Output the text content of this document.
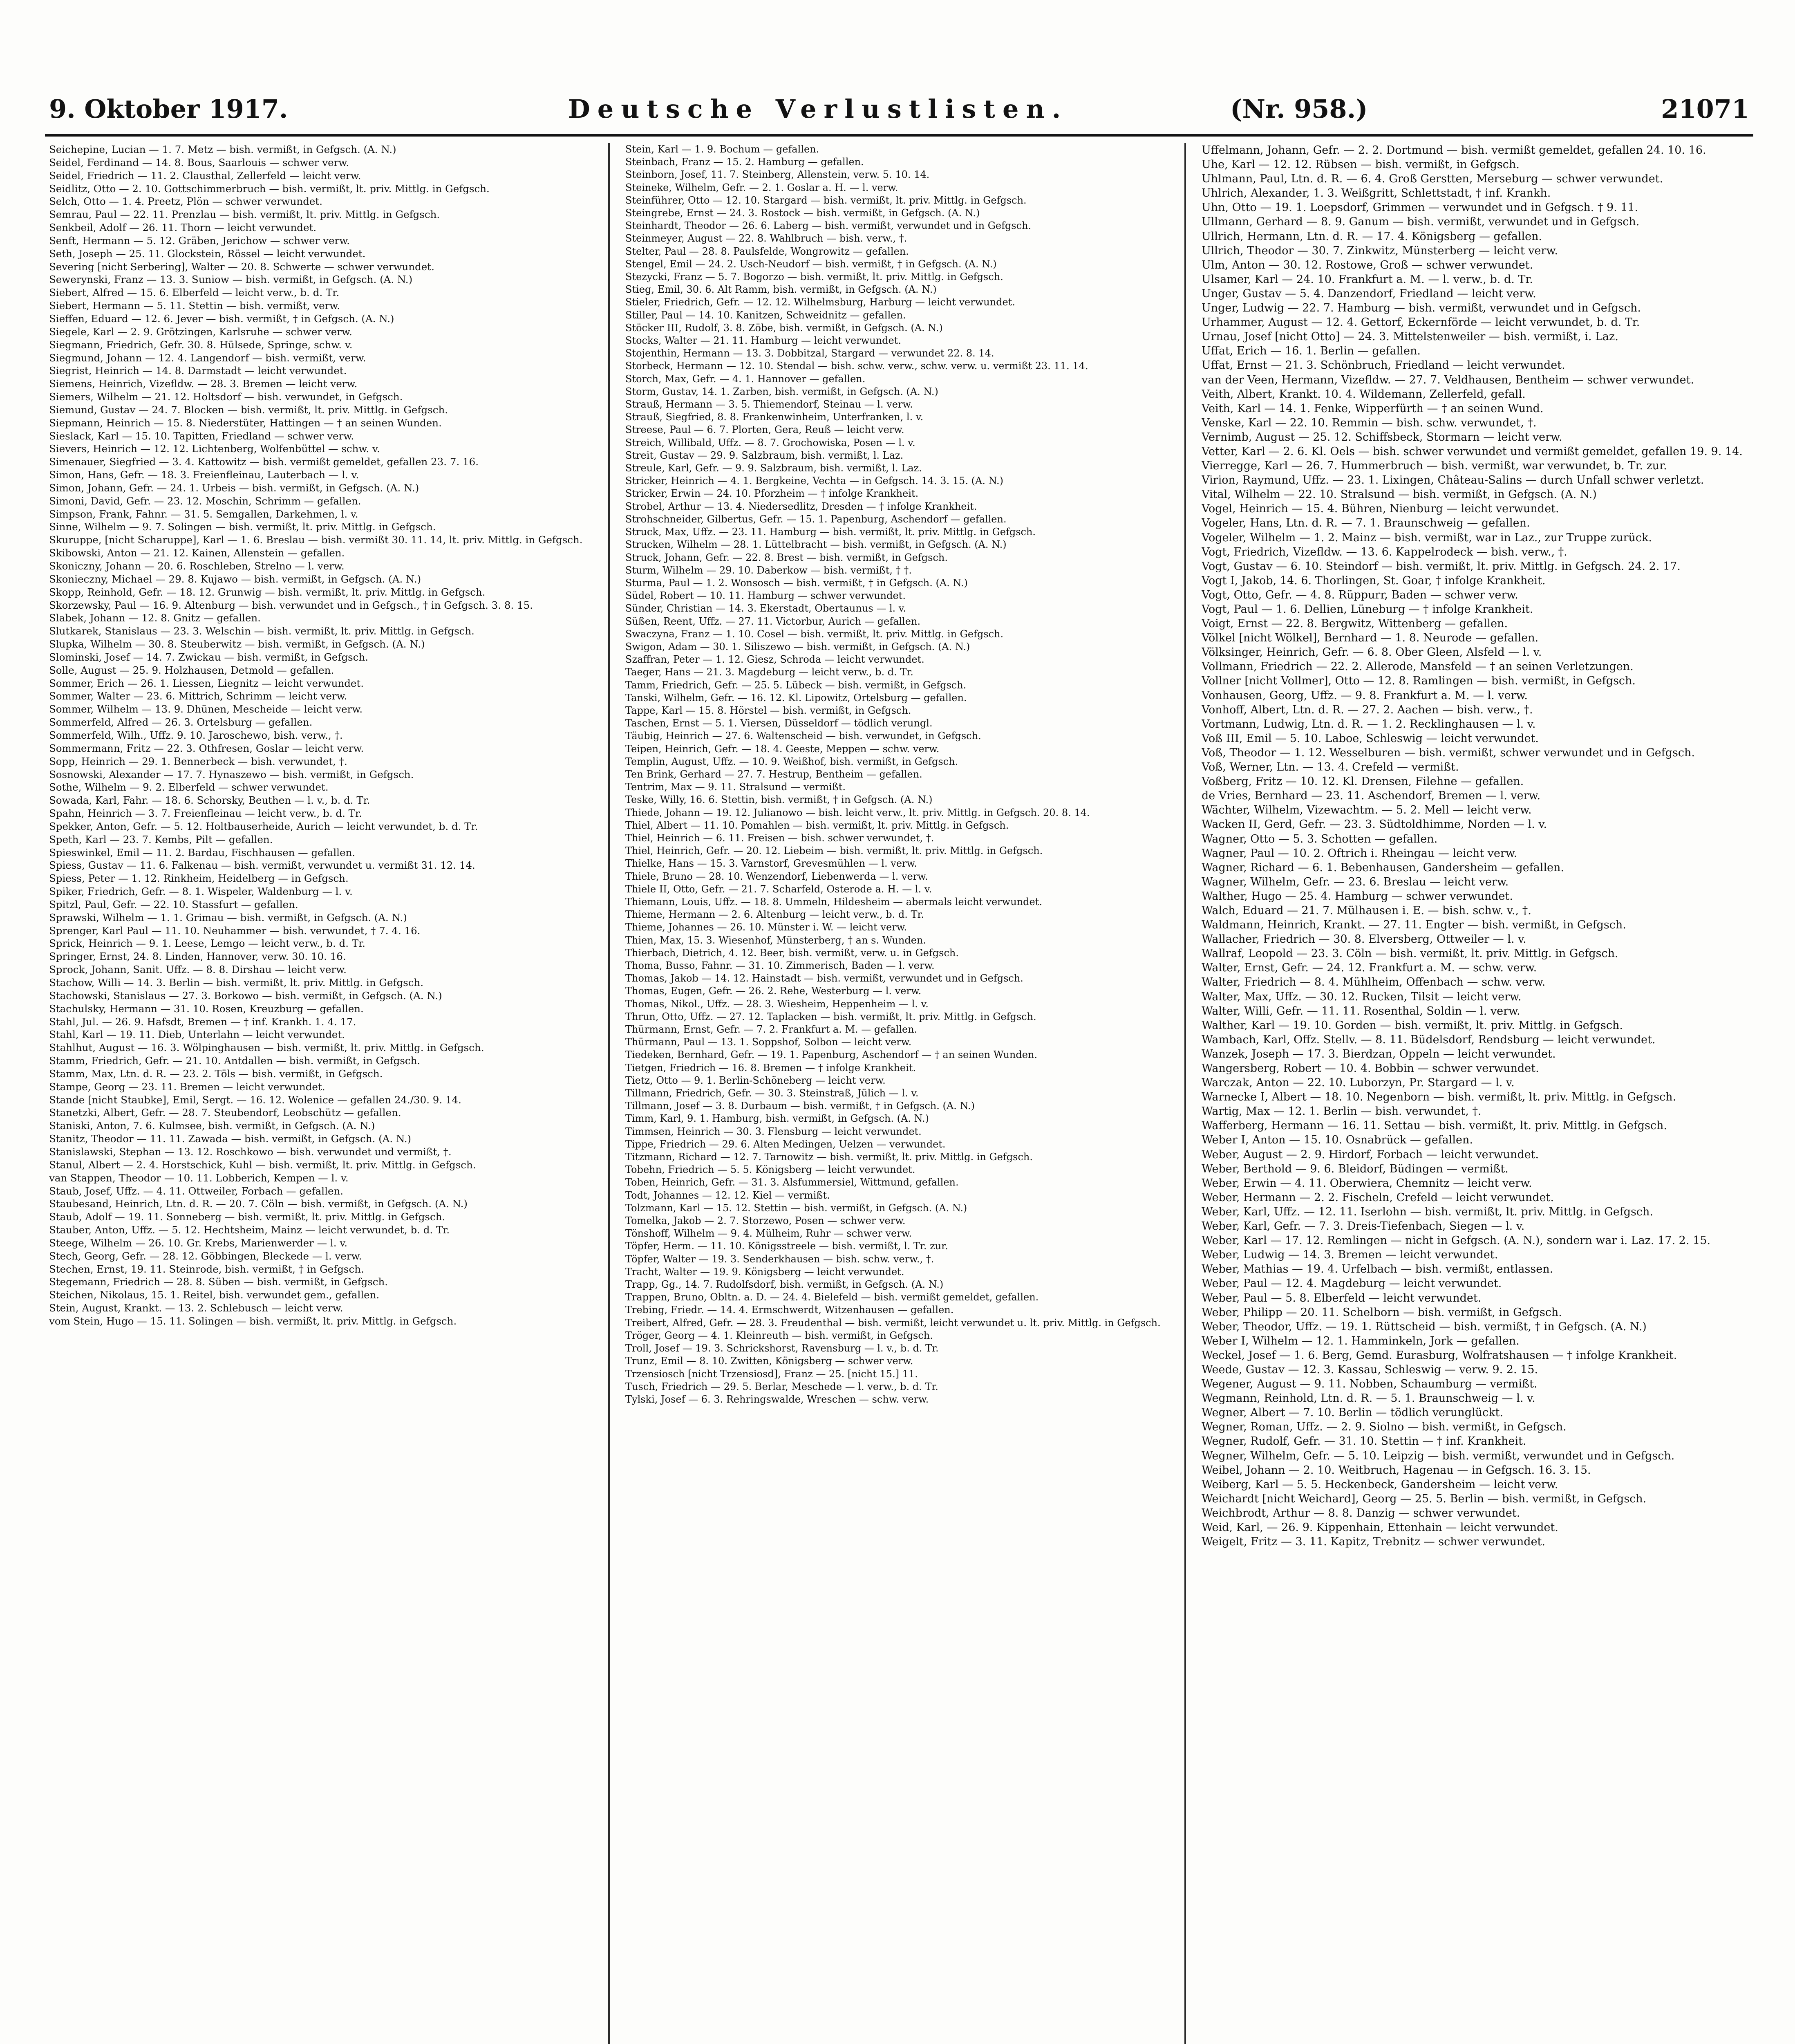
9. Oktober 1917.	Deutsche Verlustlisten.	(Nr. 958.)	21071

Seichepine, Lucian — 1. 7. Metz — bish. vermißt, in Gefgsch. (A. N.)

Seidel, Ferdinand — 14. 8. Bous, Saarlouis — schwer verw.

Seidel, Friedrich — 11. 2. Clausthal, Zellerfeld — leicht verw.

Seidlitz, Otto — 2. 10. Gottschimmerbruch — bish. vermißt, lt. priv. Mittlg. in Gefgsch.

Selch, Otto — 1. 4. Preetz, Plön — schwer verwundet.

Semrau, Paul — 22. 11. Prenzlau — bish. vermißt, lt. priv. Mittlg. in Gefgsch.

Senkbeil, Adolf — 26. 11. Thorn — leicht verwundet.

Senft, Hermann — 5. 12. Gräben, Jerichow — schwer verw.

Seth, Joseph — 25. 11. Glockstein, Rössel — leicht verwundet.

Severing [nicht Serbering], Walter — 20. 8. Schwerte — schwer verwundet.

Sewerynski, Franz — 13. 3. Suniow — bish. vermißt, in Gefgsch. (A. N.)

Siebert, Alfred — 15. 6. Elberfeld — leicht verw., b. d. Tr.

Siebert, Hermann — 5. 11. Stettin — bish. vermißt, verw.

Sieffen, Eduard — 12. 6. Jever — bish. vermißt, † in Gefgsch. (A. N.)

Siegele, Karl — 2. 9. Grötzingen, Karlsruhe — schwer verw.

Siegmann, Friedrich, Gefr. 30. 8. Hülsede, Springe, schw. v.

Siegmund, Johann — 12. 4. Langendorf — bish. vermißt, verw.

Siegrist, Heinrich — 14. 8. Darmstadt — leicht verwundet.

Siemens, Heinrich, Vizefldw. — 28. 3. Bremen — leicht verw.

Siemers, Wilhelm — 21. 12. Holtsdorf — bish. verwundet, in Gefgsch.

Siemund, Gustav — 24. 7. Blocken — bish. vermißt, lt. priv. Mittlg. in Gefgsch.

Siepmann, Heinrich — 15. 8. Niederstüter, Hattingen — † an seinen Wunden.

Sieslack, Karl — 15. 10. Tapitten, Friedland — schwer verw.

Sievers, Heinrich — 12. 12. Lichtenberg, Wolfenbüttel — schw. v.

Simenauer, Siegfried — 3. 4. Kattowitz — bish. vermißt gemeldet, gefallen 23. 7. 16.

Simon, Hans, Gefr. — 18. 3. Freienfleinau, Lauterbach — l. v.

Simon, Johann, Gefr. — 24. 1. Urbeis — bish. vermißt, in Gefgsch. (A. N.)

Simoni, David, Gefr. — 23. 12. Moschin, Schrimm — gefallen.

Simpson, Frank, Fahnr. — 31. 5. Semgallen, Darkehmen, l. v.

Sinne, Wilhelm — 9. 7. Solingen — bish. vermißt, lt. priv. Mittlg. in Gefgsch.

Skuruppe, [nicht Scharuppe], Karl — 1. 6. Breslau — bish. vermißt 30. 11. 14, lt. priv. Mittlg. in Gefgsch.

Skibowski, Anton — 21. 12. Kainen, Allenstein — gefallen.

Skoniczny, Johann — 20. 6. Roschleben, Strelno — l. verw.

Skonieczny, Michael — 29. 8. Kujawo — bish. vermißt, in Gefgsch. (A. N.)

Skopp, Reinhold, Gefr. — 18. 12. Grunwig — bish. vermißt, lt. priv. Mittlg. in Gefgsch.

Skorzewsky, Paul — 16. 9. Altenburg — bish. verwundet und in Gefgsch., † in Gefgsch. 3. 8. 15.

Slabek, Johann — 12. 8. Gnitz — gefallen.

Slutkarek, Stanislaus — 23. 3. Welschin — bish. vermißt, lt. priv. Mittlg. in Gefgsch.

Slupka, Wilhelm — 30. 8. Steuberwitz — bish. vermißt, in Gefgsch. (A. N.)

Slominski, Josef — 14. 7. Zwickau — bish. vermißt, in Gefgsch.

Solle, August — 25. 9. Holzhausen, Detmold — gefallen.

Sommer, Erich — 26. 1. Liessen, Liegnitz — leicht verwundet.

Sommer, Walter — 23. 6. Mittrich, Schrimm — leicht verw.

Sommer, Wilhelm — 13. 9. Dhünen, Mescheide — leicht verw.

Sommerfeld, Alfred — 26. 3. Ortelsburg — gefallen.

Sommerfeld, Wilh., Uffz. 9. 10. Jaroschewo, bish. verw., †.

Sommermann, Fritz — 22. 3. Othfresen, Goslar — leicht verw.

Sopp, Heinrich — 29. 1. Bennerbeck — bish. verwundet, †.

Sosnowski, Alexander — 17. 7. Hynaszewo — bish. vermißt, in Gefgsch.

Sothe, Wilhelm — 9. 2. Elberfeld — schwer verwundet.

Sowada, Karl, Fahr. — 18. 6. Schorsky, Beuthen — l. v., b. d. Tr.

Spahn, Heinrich — 3. 7. Freienfleinau — leicht verw., b. d. Tr.

Spekker, Anton, Gefr. — 5. 12. Holtbauserheide, Aurich — leicht verwundet, b. d. Tr.

Speth, Karl — 23. 7. Kembs, Pilt — gefallen.

Spieswinkel, Emil — 11. 2. Bardau, Fischhausen — gefallen.

Spiess, Gustav — 11. 6. Falkenau — bish. vermißt, verwundet u. vermißt 31. 12. 14.

Spiess, Peter — 1. 12. Rinkheim, Heidelberg — in Gefgsch.

Spiker, Friedrich, Gefr. — 8. 1. Wispeler, Waldenburg — l. v.

Spitzl, Paul, Gefr. — 22. 10. Stassfurt — gefallen.

Sprawski, Wilhelm — 1. 1. Grimau — bish. vermißt, in Gefgsch. (A. N.)

Sprenger, Karl Paul — 11. 10. Neuhammer — bish. verwundet, † 7. 4. 16.

Sprick, Heinrich — 9. 1. Leese, Lemgo — leicht verw., b. d. Tr.

Springer, Ernst, 24. 8. Linden, Hannover, verw. 30. 10. 16.

Sprock, Johann, Sanit. Uffz. — 8. 8. Dirshau — leicht verw.

Stachow, Willi — 14. 3. Berlin — bish. vermißt, lt. priv. Mittlg. in Gefgsch.

Stachowski, Stanislaus — 27. 3. Borkowo — bish. vermißt, in Gefgsch. (A. N.)

Stachulsky, Hermann — 31. 10. Rosen, Kreuzburg — gefallen.

Stahl, Jul. — 26. 9. Hafsdt, Bremen — † inf. Krankh. 1. 4. 17.

Stahl, Karl — 19. 11. Dieb, Unterlahn — leicht verwundet.

Stahlhut, August — 16. 3. Wölpinghausen — bish. vermißt, lt. priv. Mittlg. in Gefgsch.

Stamm, Friedrich, Gefr. — 21. 10. Antdallen — bish. vermißt, in Gefgsch.

Stamm, Max, Ltn. d. R. — 23. 2. Töls — bish. vermißt, in Gefgsch.

Stampe, Georg — 23. 11. Bremen — leicht verwundet.

Stande [nicht Staubke], Emil, Sergt. — 16. 12. Wolenice — gefallen 24./30. 9. 14.

Stanetzki, Albert, Gefr. — 28. 7. Steubendorf, Leobschütz — gefallen.

Staniski, Anton, 7. 6. Kulmsee, bish. vermißt, in Gefgsch. (A. N.)

Stanitz, Theodor — 11. 11. Zawada — bish. vermißt, in Gefgsch. (A. N.)

Stanislawski, Stephan — 13. 12. Roschkowo — bish. verwundet und vermißt, †.

Stanul, Albert — 2. 4. Horstschick, Kuhl — bish. vermißt, lt. priv. Mittlg. in Gefgsch.

van Stappen, Theodor — 10. 11. Lobberich, Kempen — l. v.

Staub, Josef, Uffz. — 4. 11. Ottweiler, Forbach — gefallen.

Staubesand, Heinrich, Ltn. d. R. — 20. 7. Cöln — bish. vermißt, in Gefgsch. (A. N.)

Staub, Adolf — 19. 11. Sonneberg — bish. vermißt, lt. priv. Mittlg. in Gefgsch.

Stauber, Anton, Uffz. — 5. 12. Hechtsheim, Mainz — leicht verwundet, b. d. Tr.

Steege, Wilhelm — 26. 10. Gr. Krebs, Marienwerder — l. v.

Stech, Georg, Gefr. — 28. 12. Göbbingen, Bleckede — l. verw.

Stechen, Ernst, 19. 11. Steinrode, bish. vermißt, † in Gefgsch.

Stegemann, Friedrich — 28. 8. Süben — bish. vermißt, in Gefgsch.

Steichen, Nikolaus, 15. 1. Reitel, bish. verwundet gem., gefallen.

Stein, August, Krankt. — 13. 2. Schlebusch — leicht verw.

vom Stein, Hugo — 15. 11. Solingen — bish. vermißt, lt. priv. Mittlg. in Gefgsch.

Stein, Karl — 1. 9. Bochum — gefallen.

Steinbach, Franz — 15. 2. Hamburg — gefallen.

Steinborn, Josef, 11. 7. Steinberg, Allenstein, verw. 5. 10. 14.

Steineke, Wilhelm, Gefr. — 2. 1. Goslar a. H. — l. verw.

Steinführer, Otto — 12. 10. Stargard — bish. vermißt, lt. priv. Mittlg. in Gefgsch.

Steingrebe, Ernst — 24. 3. Rostock — bish. vermißt, in Gefgsch. (A. N.)

Steinhardt, Theodor — 26. 6. Laberg — bish. vermißt, verwundet und in Gefgsch.

Steinmeyer, August — 22. 8. Wahlbruch — bish. verw., †.

Stelter, Paul — 28. 8. Paulsfelde, Wongrowitz — gefallen.

Stengel, Emil — 24. 2. Usch-Neudorf — bish. vermißt, † in Gefgsch. (A. N.)

Stezycki, Franz — 5. 7. Bogorzo — bish. vermißt, lt. priv. Mittlg. in Gefgsch.

Stieg, Emil, 30. 6. Alt Ramm, bish. vermißt, in Gefgsch. (A. N.)

Stieler, Friedrich, Gefr. — 12. 12. Wilhelmsburg, Harburg — leicht verwundet.

Stiller, Paul — 14. 10. Kanitzen, Schweidnitz — gefallen.

Stöcker III, Rudolf, 3. 8. Zöbe, bish. vermißt, in Gefgsch. (A. N.)

Stocks, Walter — 21. 11. Hamburg — leicht verwundet.

Stojenthin, Hermann — 13. 3. Dobbitzal, Stargard — verwundet 22. 8. 14.

Storbeck, Hermann — 12. 10. Stendal — bish. schw. verw., schw. verw. u. vermißt 23. 11. 14.

Storch, Max, Gefr. — 4. 1. Hannover — gefallen.

Storm, Gustav, 14. 1. Zarben, bish. vermißt, in Gefgsch. (A. N.)

Strauß, Hermann — 3. 5. Thiemendorf, Steinau — l. verw.

Strauß, Siegfried, 8. 8. Frankenwinheim, Unterfranken, l. v.

Streese, Paul — 6. 7. Plorten, Gera, Reuß — leicht verw.

Streich, Willibald, Uffz. — 8. 7. Grochowiska, Posen — l. v.

Streit, Gustav — 29. 9. Salzbraum, bish. vermißt, l. Laz.

Streule, Karl, Gefr. — 9. 9. Salzbraum, bish. vermißt, l. Laz.

Stricker, Heinrich — 4. 1. Bergkeine, Vechta — in Gefgsch. 14. 3. 15. (A. N.)

Stricker, Erwin — 24. 10. Pforzheim — † infolge Krankheit.

Strobel, Arthur — 13. 4. Niedersedlitz, Dresden — † infolge Krankheit.

Strohschneider, Gilbertus, Gefr. — 15. 1. Papenburg, Aschendorf — gefallen.

Struck, Max, Uffz. — 23. 11. Hamburg — bish. vermißt, lt. priv. Mittlg. in Gefgsch.

Strucken, Wilhelm — 28. 1. Lüttelbracht — bish. vermißt, in Gefgsch. (A. N.)

Struck, Johann, Gefr. — 22. 8. Brest — bish. vermißt, in Gefgsch.

Sturm, Wilhelm — 29. 10. Daberkow — bish. vermißt, † †.

Sturma, Paul — 1. 2. Wonsosch — bish. vermißt, † in Gefgsch. (A. N.)

Südel, Robert — 10. 11. Hamburg — schwer verwundet.

Sünder, Christian — 14. 3. Ekerstadt, Obertaunus — l. v.

Süßen, Reent, Uffz. — 27. 11. Victorbur, Aurich — gefallen.

Swaczyna, Franz — 1. 10. Cosel — bish. vermißt, lt. priv. Mittlg. in Gefgsch.

Swigon, Adam — 30. 1. Siliszewo — bish. vermißt, in Gefgsch. (A. N.)

Szaffran, Peter — 1. 12. Giesz, Schroda — leicht verwundet.

Taeger, Hans — 21. 3. Magdeburg — leicht verw., b. d. Tr.

Tamm, Friedrich, Gefr. — 25. 5. Lübeck — bish. vermißt, in Gefgsch.

Tanski, Wilhelm, Gefr. — 16. 12. Kl. Lipowitz, Ortelsburg — gefallen.

Tappe, Karl — 15. 8. Hörstel — bish. vermißt, in Gefgsch.

Taschen, Ernst — 5. 1. Viersen, Düsseldorf — tödlich verungl.

Täubig, Heinrich — 27. 6. Waltenscheid — bish. verwundet, in Gefgsch.

Teipen, Heinrich, Gefr. — 18. 4. Geeste, Meppen — schw. verw.

Templin, August, Uffz. — 10. 9. Weißhof, bish. vermißt, in Gefgsch.

Ten Brink, Gerhard — 27. 7. Hestrup, Bentheim — gefallen.

Tentrim, Max — 9. 11. Stralsund — vermißt.

Teske, Willy, 16. 6. Stettin, bish. vermißt, † in Gefgsch. (A. N.)

Thiede, Johann — 19. 12. Julianowo — bish. leicht verw., lt. priv. Mittlg. in Gefgsch. 20. 8. 14.

Thiel, Albert — 11. 10. Pomahlen — bish. vermißt, lt. priv. Mittlg. in Gefgsch.

Thiel, Heinrich — 6. 11. Freisen — bish. schwer verwundet, †.

Thiel, Heinrich, Gefr. — 20. 12. Liebeim — bish. vermißt, lt. priv. Mittlg. in Gefgsch.

Thielke, Hans — 15. 3. Varnstorf, Grevesmühlen — l. verw.

Thiele, Bruno — 28. 10. Wenzendorf, Liebenwerda — l. verw.

Thiele II, Otto, Gefr. — 21. 7. Scharfeld, Osterode a. H. — l. v.

Thiemann, Louis, Uffz. — 18. 8. Ummeln, Hildesheim — abermals leicht verwundet.

Thieme, Hermann — 2. 6. Altenburg — leicht verw., b. d. Tr.

Thieme, Johannes — 26. 10. Münster i. W. — leicht verw.

Thien, Max, 15. 3. Wiesenhof, Münsterberg, † an s. Wunden.

Thierbach, Dietrich, 4. 12. Beer, bish. vermißt, verw. u. in Gefgsch.

Thoma, Busso, Fahnr. — 31. 10. Zimmerisch, Baden — l. verw.

Thomas, Jakob — 14. 12. Hainstadt — bish. vermißt, verwundet und in Gefgsch.

Thomas, Eugen, Gefr. — 26. 2. Rehe, Westerburg — l. verw.

Thomas, Nikol., Uffz. — 28. 3. Wiesheim, Heppenheim — l. v.

Thrun, Otto, Uffz. — 27. 12. Taplacken — bish. vermißt, lt. priv. Mittlg. in Gefgsch.

Thürmann, Ernst, Gefr. — 7. 2. Frankfurt a. M. — gefallen.

Thürmann, Paul — 13. 1. Soppshof, Solbon — leicht verw.

Tiedeken, Bernhard, Gefr. — 19. 1. Papenburg, Aschendorf — † an seinen Wunden.

Tietgen, Friedrich — 16. 8. Bremen — † infolge Krankheit.

Tietz, Otto — 9. 1. Berlin-Schöneberg — leicht verw.

Tillmann, Friedrich, Gefr. — 30. 3. Steinstraß, Jülich — l. v.

Tillmann, Josef — 3. 8. Durbaum — bish. vermißt, † in Gefgsch. (A. N.)

Timm, Karl, 9. 1. Hamburg, bish. vermißt, in Gefgsch. (A. N.)

Timmsen, Heinrich — 30. 3. Flensburg — leicht verwundet.

Tippe, Friedrich — 29. 6. Alten Medingen, Uelzen — verwundet.

Titzmann, Richard — 12. 7. Tarnowitz — bish. vermißt, lt. priv. Mittlg. in Gefgsch.

Tobehn, Friedrich — 5. 5. Königsberg — leicht verwundet.

Toben, Heinrich, Gefr. — 31. 3. Alsfummersiel, Wittmund, gefallen.

Todt, Johannes — 12. 12. Kiel — vermißt.

Tolzmann, Karl — 15. 12. Stettin — bish. vermißt, in Gefgsch. (A. N.)

Tomelka, Jakob — 2. 7. Storzewo, Posen — schwer verw.

Tönshoff, Wilhelm — 9. 4. Mülheim, Ruhr — schwer verw.

Töpfer, Herm. — 11. 10. Königsstreele — bish. vermißt, l. Tr. zur.

Töpfer, Walter — 19. 3. Senderkhausen — bish. schw. verw., †.

Tracht, Walter — 19. 9. Königsberg — leicht verwundet.

Trapp, Gg., 14. 7. Rudolfsdorf, bish. vermißt, in Gefgsch. (A. N.)

Trappen, Bruno, Obltn. a. D. — 24. 4. Bielefeld — bish. vermißt gemeldet, gefallen.

Trebing, Friedr. — 14. 4. Ermschwerdt, Witzenhausen — gefallen.

Treibert, Alfred, Gefr. — 28. 3. Freudenthal — bish. vermißt, leicht verwundet u. lt. priv. Mittlg. in Gefgsch.

Tröger, Georg — 4. 1. Kleinreuth — bish. vermißt, in Gefgsch.

Troll, Josef — 19. 3. Schrickshorst, Ravensburg — l. v., b. d. Tr.

Trunz, Emil — 8. 10. Zwitten, Königsberg — schwer verw.

Trzensiosch [nicht Trzensiosd], Franz — 25. [nicht 15.] 11.

Tusch, Friedrich — 29. 5. Berlar, Meschede — l. verw., b. d. Tr.

Tylski, Josef — 6. 3. Rehringswalde, Wreschen — schw. verw.

Uffelmann, Johann, Gefr. — 2. 2. Dortmund — bish. vermißt gemeldet, gefallen 24. 10. 16.

Uhe, Karl — 12. 12. Rübsen — bish. vermißt, in Gefgsch.

Uhlmann, Paul, Ltn. d. R. — 6. 4. Groß Gerstten, Merseburg — schwer verwundet.

Uhlrich, Alexander, 1. 3. Weißgritt, Schlettstadt, † inf. Krankh.

Uhn, Otto — 19. 1. Loepsdorf, Grimmen — verwundet und in Gefgsch. † 9. 11.

Ullmann, Gerhard — 8. 9. Ganum — bish. vermißt, verwundet und in Gefgsch.

Ullrich, Hermann, Ltn. d. R. — 17. 4. Königsberg — gefallen.

Ullrich, Theodor — 30. 7. Zinkwitz, Münsterberg — leicht verw.

Ulm, Anton — 30. 12. Rostowe, Groß — schwer verwundet.

Ulsamer, Karl — 24. 10. Frankfurt a. M. — l. verw., b. d. Tr.

Unger, Gustav — 5. 4. Danzendorf, Friedland — leicht verw.

Unger, Ludwig — 22. 7. Hamburg — bish. vermißt, verwundet und in Gefgsch.

Urhammer, August — 12. 4. Gettorf, Eckernförde — leicht verwundet, b. d. Tr.

Urnau, Josef [nicht Otto] — 24. 3. Mittelstenweiler — bish. vermißt, i. Laz.

Uffat, Erich — 16. 1. Berlin — gefallen.

Uffat, Ernst — 21. 3. Schönbruch, Friedland — leicht verwundet.

van der Veen, Hermann, Vizefldw. — 27. 7. Veldhausen, Bentheim — schwer verwundet.

Veith, Albert, Krankt. 10. 4. Wildemann, Zellerfeld, gefall.

Veith, Karl — 14. 1. Fenke, Wipperfürth — † an seinen Wund.

Venske, Karl — 22. 10. Remmin — bish. schw. verwundet, †.

Vernimb, August — 25. 12. Schiffsbeck, Stormarn — leicht verw.

Vetter, Karl — 2. 6. Kl. Oels — bish. schwer verwundet und vermißt gemeldet, gefallen 19. 9. 14.

Vierregge, Karl — 26. 7. Hummerbruch — bish. vermißt, war verwundet, b. Tr. zur.

Virion, Raymund, Uffz. — 23. 1. Lixingen, Château-Salins — durch Unfall schwer verletzt.

Vital, Wilhelm — 22. 10. Stralsund — bish. vermißt, in Gefgsch. (A. N.)

Vogel, Heinrich — 15. 4. Bühren, Nienburg — leicht verwundet.

Vogeler, Hans, Ltn. d. R. — 7. 1. Braunschweig — gefallen.

Vogeler, Wilhelm — 1. 2. Mainz — bish. vermißt, war in Laz., zur Truppe zurück.

Vogt, Friedrich, Vizefldw. — 13. 6. Kappelrodeck — bish. verw., †.

Vogt, Gustav — 6. 10. Steindorf — bish. vermißt, lt. priv. Mittlg. in Gefgsch. 24. 2. 17.

Vogt I, Jakob, 14. 6. Thorlingen, St. Goar, † infolge Krankheit.

Vogt, Otto, Gefr. — 4. 8. Rüppurr, Baden — schwer verw.

Vogt, Paul — 1. 6. Dellien, Lüneburg — † infolge Krankheit.

Voigt, Ernst — 22. 8. Bergwitz, Wittenberg — gefallen.

Völkel [nicht Wölkel], Bernhard — 1. 8. Neurode — gefallen.

Völksinger, Heinrich, Gefr. — 6. 8. Ober Gleen, Alsfeld — l. v.

Vollmann, Friedrich — 22. 2. Allerode, Mansfeld — † an seinen Verletzungen.

Vollner [nicht Vollmer], Otto — 12. 8. Ramlingen — bish. vermißt, in Gefgsch.

Vonhausen, Georg, Uffz. — 9. 8. Frankfurt a. M. — l. verw.

Vonhoff, Albert, Ltn. d. R. — 27. 2. Aachen — bish. verw., †.

Vortmann, Ludwig, Ltn. d. R. — 1. 2. Recklinghausen — l. v.

Voß III, Emil — 5. 10. Laboe, Schleswig — leicht verwundet.

Voß, Theodor — 1. 12. Wesselburen — bish. vermißt, schwer verwundet und in Gefgsch.

Voß, Werner, Ltn. — 13. 4. Crefeld — vermißt.

Voßberg, Fritz — 10. 12. Kl. Drensen, Filehne — gefallen.

de Vries, Bernhard — 23. 11. Aschendorf, Bremen — l. verw.

Wächter, Wilhelm, Vizewachtm. — 5. 2. Mell — leicht verw.

Wacken II, Gerd, Gefr. — 23. 3. Südtoldhimme, Norden — l. v.

Wagner, Otto — 5. 3. Schotten — gefallen.

Wagner, Paul — 10. 2. Oftrich i. Rheingau — leicht verw.

Wagner, Richard — 6. 1. Bebenhausen, Gandersheim — gefallen.

Wagner, Wilhelm, Gefr. — 23. 6. Breslau — leicht verw.

Walther, Hugo — 25. 4. Hamburg — schwer verwundet.

Walch, Eduard — 21. 7. Mülhausen i. E. — bish. schw. v., †.

Waldmann, Heinrich, Krankt. — 27. 11. Engter — bish. vermißt, in Gefgsch.

Wallacher, Friedrich — 30. 8. Elversberg, Ottweiler — l. v.

Wallraf, Leopold — 23. 3. Cöln — bish. vermißt, lt. priv. Mittlg. in Gefgsch.

Walter, Ernst, Gefr. — 24. 12. Frankfurt a. M. — schw. verw.

Walter, Friedrich — 8. 4. Mühlheim, Offenbach — schw. verw.

Walter, Max, Uffz. — 30. 12. Rucken, Tilsit — leicht verw.

Walter, Willi, Gefr. — 11. 11. Rosenthal, Soldin — l. verw.

Walther, Karl — 19. 10. Gorden — bish. vermißt, lt. priv. Mittlg. in Gefgsch.

Wambach, Karl, Offz. Stellv. — 8. 11. Büdelsdorf, Rendsburg — leicht verwundet.

Wanzek, Joseph — 17. 3. Bierdzan, Oppeln — leicht verwundet.

Wangersberg, Robert — 10. 4. Bobbin — schwer verwundet.

Warczak, Anton — 22. 10. Luborzyn, Pr. Stargard — l. v.

Warnecke I, Albert — 18. 10. Negenborn — bish. vermißt, lt. priv. Mittlg. in Gefgsch.

Wartig, Max — 12. 1. Berlin — bish. verwundet, †.

Wafferberg, Hermann — 16. 11. Settau — bish. vermißt, lt. priv. Mittlg. in Gefgsch.

Weber I, Anton — 15. 10. Osnabrück — gefallen.

Weber, August — 2. 9. Hirdorf, Forbach — leicht verwundet.

Weber, Berthold — 9. 6. Bleidorf, Büdingen — vermißt.

Weber, Erwin — 4. 11. Oberwiera, Chemnitz — leicht verw.

Weber, Hermann — 2. 2. Fischeln, Crefeld — leicht verwundet.

Weber, Karl, Uffz. — 12. 11. Iserlohn — bish. vermißt, lt. priv. Mittlg. in Gefgsch.

Weber, Karl, Gefr. — 7. 3. Dreis-Tiefenbach, Siegen — l. v.

Weber, Karl — 17. 12. Remlingen — nicht in Gefgsch. (A. N.), sondern war i. Laz. 17. 2. 15.

Weber, Ludwig — 14. 3. Bremen — leicht verwundet.

Weber, Mathias — 19. 4. Urfelbach — bish. vermißt, entlassen.

Weber, Paul — 12. 4. Magdeburg — leicht verwundet.

Weber, Paul — 5. 8. Elberfeld — leicht verwundet.

Weber, Philipp — 20. 11. Schelborn — bish. vermißt, in Gefgsch.

Weber, Theodor, Uffz. — 19. 1. Rüttscheid — bish. vermißt, † in Gefgsch. (A. N.)

Weber I, Wilhelm — 12. 1. Hamminkeln, Jork — gefallen.

Weckel, Josef — 1. 6. Berg, Gemd. Eurasburg, Wolfratshausen — † infolge Krankheit.

Weede, Gustav — 12. 3. Kassau, Schleswig — verw. 9. 2. 15.

Wegener, August — 9. 11. Nobben, Schaumburg — vermißt.

Wegmann, Reinhold, Ltn. d. R. — 5. 1. Braunschweig — l. v.

Wegner, Albert — 7. 10. Berlin — tödlich verunglückt.

Wegner, Roman, Uffz. — 2. 9. Siolno — bish. vermißt, in Gefgsch.

Wegner, Rudolf, Gefr. — 31. 10. Stettin — † inf. Krankheit.

Wegner, Wilhelm, Gefr. — 5. 10. Leipzig — bish. vermißt, verwundet und in Gefgsch.

Weibel, Johann — 2. 10. Weitbruch, Hagenau — in Gefgsch. 16. 3. 15.

Weiberg, Karl — 5. 5. Heckenbeck, Gandersheim — leicht verw.

Weichardt [nicht Weichard], Georg — 25. 5. Berlin — bish. vermißt, in Gefgsch.

Weichbrodt, Arthur — 8. 8. Danzig — schwer verwundet.

Weid, Karl, — 26. 9. Kippenhain, Ettenhain — leicht verwundet.

Weigelt, Fritz — 3. 11. Kapitz, Trebnitz — schwer verwundet.
